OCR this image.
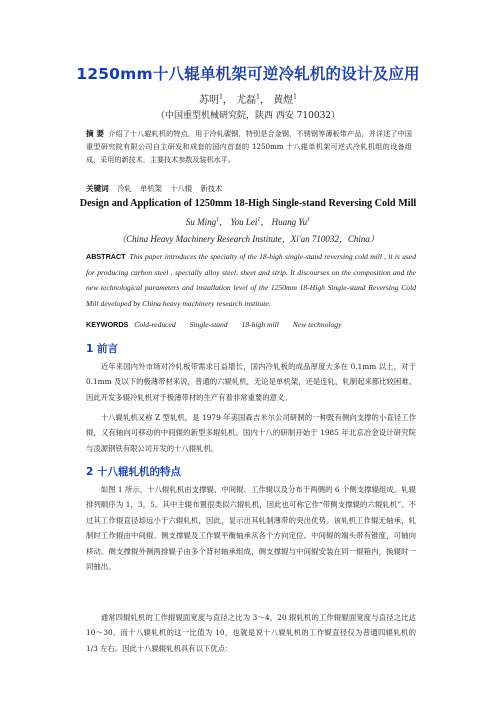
1250mm十八辊单机架可逆冷轧机的设计及应用
苏明$^1$， 尤磊$^1$， 黄煜$^1$
（中国重型机械研究院，陕西 西安 710032）
摘 要 介绍了十八辊轧机的特点，用于冷轧碳钢，特别是合金钢，不锈钢等薄板带产品，并详述了中国重型研究院有限公司自主研发和成套的国内首套的 1250mm 十八辊单机架可逆式冷轧机组的设备组成，采用的新技术，主要技术参数及装机水平。
关键词 冷轧 单机架 十八辊 新技术
Design and Application of 1250mm 18-High Single-stand Reversing Cold Mill
Su Ming$^1$， You Lei$^1$， Huang Yu$^1$
（China Heavy Machinery Research Institute，Xi'an 710032，China）
ABSTRACT This paper introduces the specialty of the 18-high single-stand reversing cold mill , it is used for producing carbon steel , specially alloy steel, sheet and strip. It discourses on the composition and the new technological parameters and installation level of the 1250mm 18-High Single-stand Reversing Cold Mill developed by China heavy machinery research institute.
KEYWORDS Cold-reduced Single-stand 18-high mill New technology
1 前言
近年来国内外市场对冷轧板带需求日益增长，国内冷轧板的成品厚度大多在 0.1mm 以上，对于 0.1mm 及以下的极薄带材来说，普通的六辊轧机，无论是单机架，还是连轧，轧制起来都比较困难。因此开发多辊冷轧机对于极薄带材的生产有着非常重要的意义。
十八辊轧机又称 Z 型轧机，是 1979 年美国森吉米尔公司研制的一种既有侧向支撑的小直径工作辊，又有轴向可移动的中间辊的新型多辊轧机。国内十八的研制开始于 1985 年北京冶金设计研究院与凌源钢铁有限公司开发的十八辊轧机。
2 十八辊轧机的特点
如图 1 所示，十八辊轧机由支撑辊、中间辊、工作辊以及分布于两侧的 6 个侧支撑辊组成。轧辊排列顺序为 1，3，5。其中主辊布置很类似六辊轧机，因此也可称它作“带侧支撑辊的六辊轧机”。不过其工作辊直径却远小于六辊轧机，因此，显示出其轧制薄带的突出优势。该轧机工作辊无轴承，轧制时工作辊由中间辊、侧支撑辊及工作辊平衡轴承从各个方向定位。中间辊的端头带有锥度，可轴向移动。侧支撑辊外侧两排辊子由多个背衬轴承组成，侧支撑辊与中间辊安装在同一辊箱内，换辊时一同抽出。
通常四辊轧机的工作辊辊面宽度与直径之比为 3～4，20 辊轧机的工作辊辊面宽度与直径之比达 10～30。而十八辊轧机的这一比值为 10，也就是说十八辊轧机的工作辊直径仅为普通四辊轧机的 1/3 左右。因此十八辊辊轧机具有以下优点：
